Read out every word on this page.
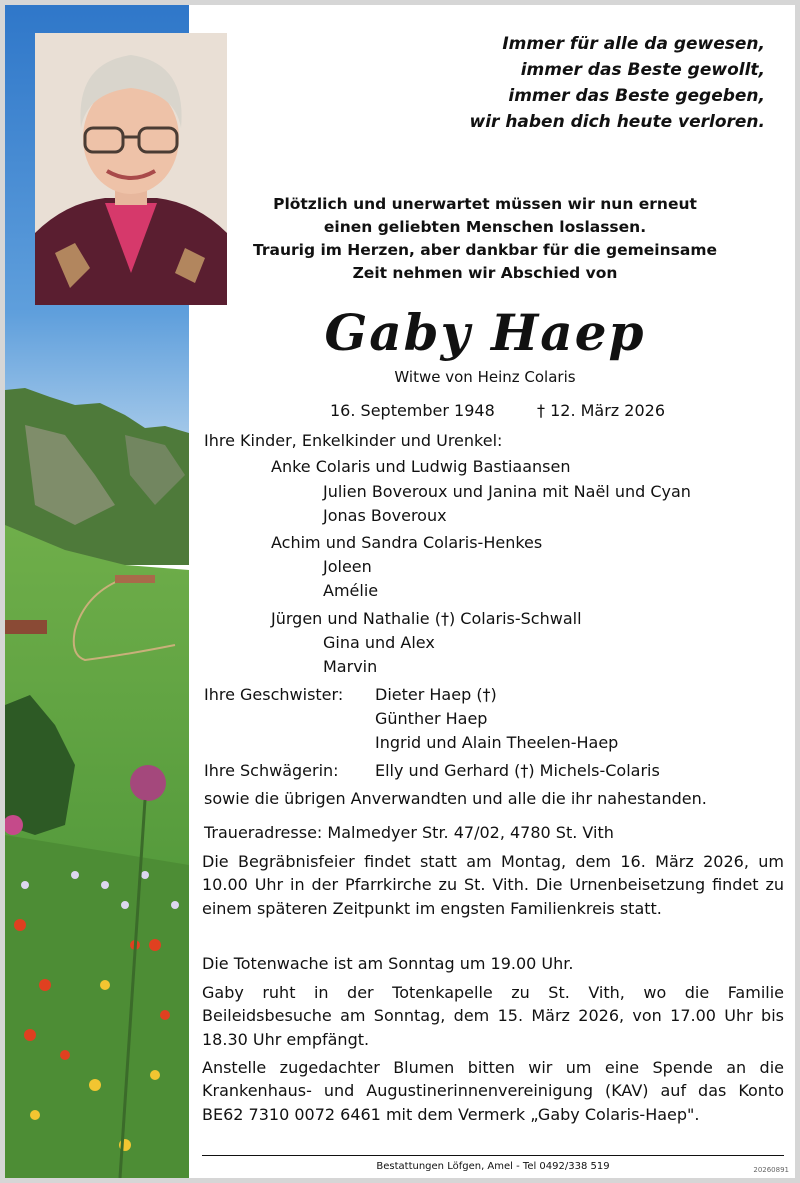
Immer für alle da gewesen,
immer das Beste gewollt,
immer das Beste gegeben,
wir haben dich heute verloren.
Plötzlich und unerwartet müssen wir nun erneut
einen geliebten Menschen loslassen.
Traurig im Herzen, aber dankbar für die gemeinsame
Zeit nehmen wir Abschied von
Gaby Haep
Witwe von Heinz Colaris
16. September 1948	† 12. März 2026
Ihre Kinder, Enkelkinder und Urenkel:
Anke Colaris und Ludwig Bastiaansen
Julien Boveroux und Janina mit Naël und Cyan
Jonas Boveroux
Achim und Sandra Colaris-Henkes
Joleen
Amélie
Jürgen und Nathalie (†) Colaris-Schwall
Gina und Alex
Marvin
Ihre Geschwister: Dieter Haep (†)
Günther Haep
Ingrid und Alain Theelen-Haep
Ihre Schwägerin: Elly und Gerhard (†) Michels-Colaris
sowie die übrigen Anverwandten und alle die ihr nahestanden.
Traueradresse: Malmedyer Str. 47/02, 4780 St. Vith
Die Begräbnisfeier findet statt am Montag, dem 16. März 2026, um 10.00 Uhr in der Pfarrkirche zu St. Vith. Die Urnenbeisetzung findet zu einem späteren Zeitpunkt im engsten Familienkreis statt.
Die Totenwache ist am Sonntag um 19.00 Uhr.
Gaby ruht in der Totenkapelle zu St. Vith, wo die Familie Beileidsbesuche am Sonntag, dem 15. März 2026, von 17.00 Uhr bis 18.30 Uhr empfängt.
Anstelle zugedachter Blumen bitten wir um eine Spende an die Krankenhaus- und Augustinerinnenvereinigung (KAV) auf das Konto BE62 7310 0072 6461 mit dem Vermerk „Gaby Colaris-Haep".
Bestattungen Löfgen, Amel - Tel 0492/338 519	20260891
